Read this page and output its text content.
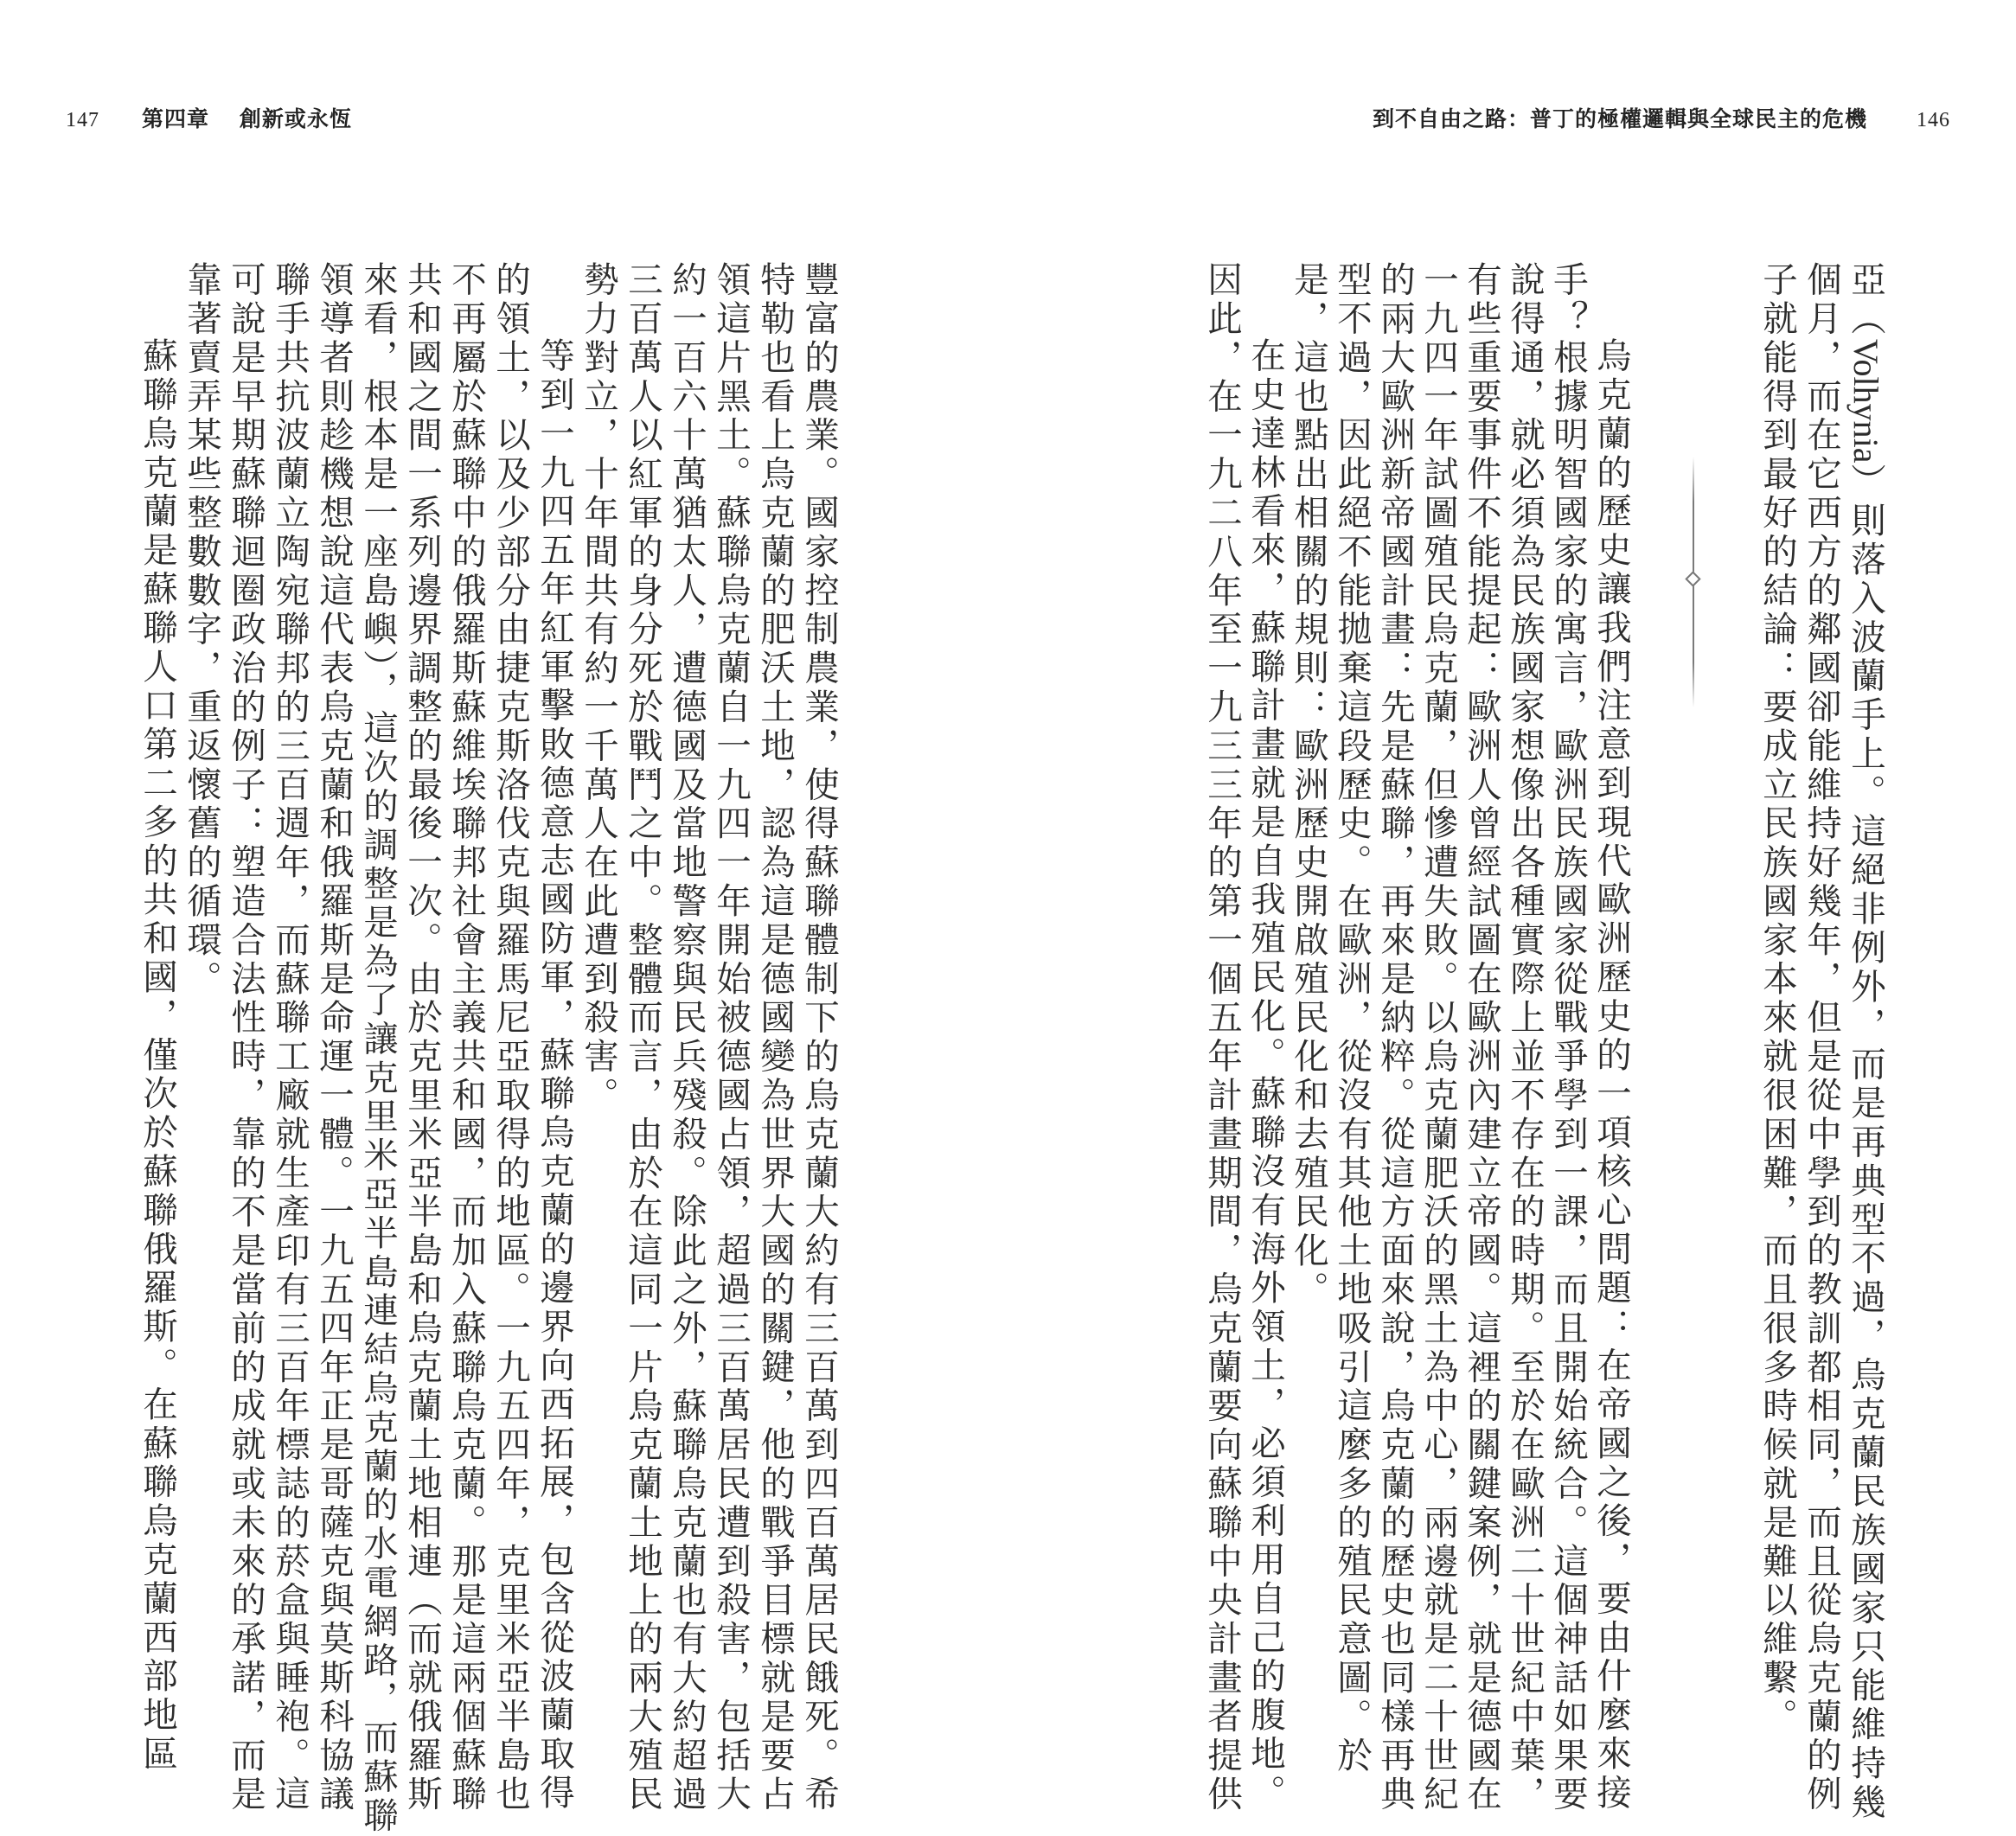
147 第四章 創新或永恆	到不自由之路：普丁的極權邏輯與全球民主的危機 146
亞（Volhynia）則落入波蘭手上。這絕非例外，而是再典型不過，烏克蘭民族國家只能維持幾
個月，而在它西方的鄰國卻能維持好幾年，但是從中學到的教訓都相同，而且從烏克蘭的例
子就能得到最好的結論：要成立民族國家本來就很困難，而且很多時候就是難以維繫。
烏克蘭的歷史讓我們注意到現代歐洲歷史的一項核心問題：在帝國之後，要由什麼來接
手？根據明智國家的寓言，歐洲民族國家從戰爭學到一課，而且開始統合。這個神話如果要
說得通，就必須為民族國家想像出各種實際上並不存在的時期。至於在歐洲二十世紀中葉，
有些重要事件不能提起：歐洲人曾經試圖在歐洲內建立帝國。這裡的關鍵案例，就是德國在
一九四一年試圖殖民烏克蘭，但慘遭失敗。以烏克蘭肥沃的黑土為中心，兩邊就是二十世紀
的兩大歐洲新帝國計畫：先是蘇聯，再來是納粹。從這方面來說，烏克蘭的歷史也同樣再典
型不過，因此絕不能拋棄這段歷史。在歐洲，從沒有其他土地吸引這麼多的殖民意圖。於
是，這也點出相關的規則：歐洲歷史開啟殖民化和去殖民化。
在史達林看來，蘇聯計畫就是自我殖民化。蘇聯沒有海外領土，必須利用自己的腹地。
因此，在一九二八年至一九三三年的第一個五年計畫期間，烏克蘭要向蘇聯中央計畫者提供
豐富的農業。國家控制農業，使得蘇聯體制下的烏克蘭大約有三百萬到四百萬居民餓死。希
特勒也看上烏克蘭的肥沃土地，認為這是德國變為世界大國的關鍵，他的戰爭目標就是要占
領這片黑土。蘇聯烏克蘭自一九四一年開始被德國占領，超過三百萬居民遭到殺害，包括大
約一百六十萬猶太人，遭德國及當地警察與民兵殘殺。除此之外，蘇聯烏克蘭也有大約超過
三百萬人以紅軍的身分死於戰鬥之中。整體而言，由於在這同一片烏克蘭土地上的兩大殖民
勢力對立，十年間共有約一千萬人在此遭到殺害。
等到一九四五年紅軍擊敗德意志國防軍，蘇聯烏克蘭的邊界向西拓展，包含從波蘭取得
的領土，以及少部分由捷克斯洛伐克與羅馬尼亞取得的地區。一九五四年，克里米亞半島也
不再屬於蘇聯中的俄羅斯蘇維埃聯邦社會主義共和國，而加入蘇聯烏克蘭。那是這兩個蘇聯
共和國之間一系列邊界調整的最後一次。由於克里米亞半島和烏克蘭土地相連（而就俄羅斯
來看，根本是一座島嶼），這次的調整是為了讓克里米亞半島連結烏克蘭的水電網路，而蘇聯
領導者則趁機想說這代表烏克蘭和俄羅斯是命運一體。一九五四年正是哥薩克與莫斯科協議
聯手共抗波蘭立陶宛聯邦的三百週年，而蘇聯工廠就生產印有三百年標誌的菸盒與睡袍。這
可說是早期蘇聯迴圈政治的例子：塑造合法性時，靠的不是當前的成就或未來的承諾，而是
靠著賣弄某些整數數字，重返懷舊的循環。
蘇聯烏克蘭是蘇聯人口第二多的共和國，僅次於蘇聯俄羅斯。在蘇聯烏克蘭西部地區
